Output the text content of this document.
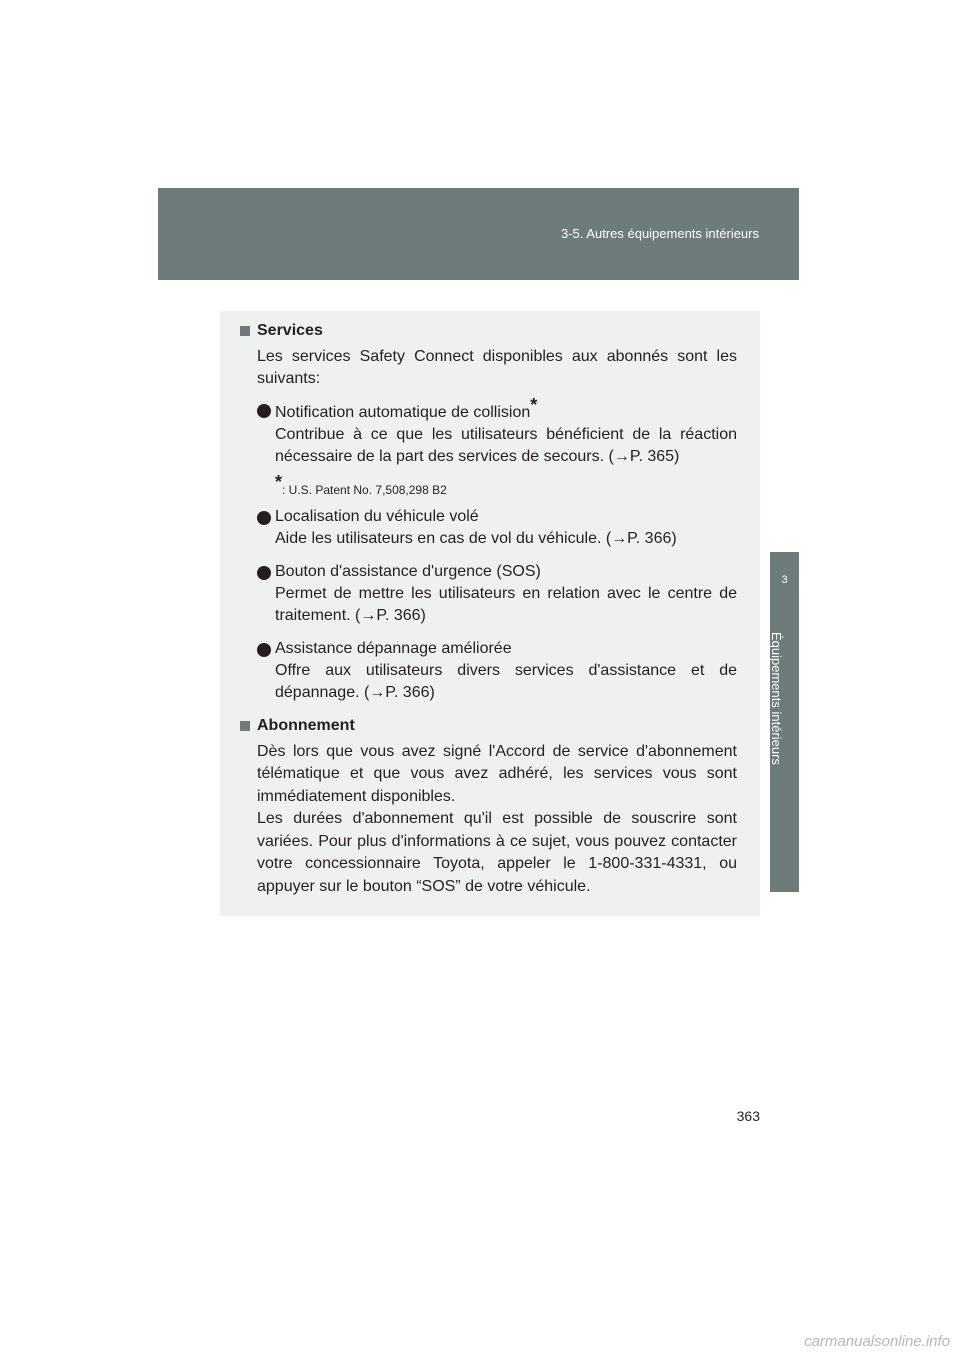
3-5. Autres équipements intérieurs
3
Équipements intérieurs
Services
Les services Safety Connect disponibles aux abonnés sont les
suivants:
Notification automatique de collision*
Contribue à ce que les utilisateurs bénéficient de la réaction
nécessaire de la part des services de secours. (→P. 365)
*: U.S. Patent No. 7,508,298 B2
Localisation du véhicule volé
Aide les utilisateurs en cas de vol du véhicule. (→P. 366)
Bouton d'assistance d'urgence (SOS)
Permet de mettre les utilisateurs en relation avec le centre de
traitement. (→P. 366)
Assistance dépannage améliorée
Offre aux utilisateurs divers services d'assistance et de
dépannage. (→P. 366)
Abonnement
Dès lors que vous avez signé l'Accord de service d'abonnement
télématique et que vous avez adhéré, les services vous sont
immédiatement disponibles.
Les durées d'abonnement qu'il est possible de souscrire sont
variées. Pour plus d'informations à ce sujet, vous pouvez contacter
votre concessionnaire Toyota, appeler le 1-800-331-4331, ou
appuyer sur le bouton “SOS” de votre véhicule.
363
carmanualsonline.info
